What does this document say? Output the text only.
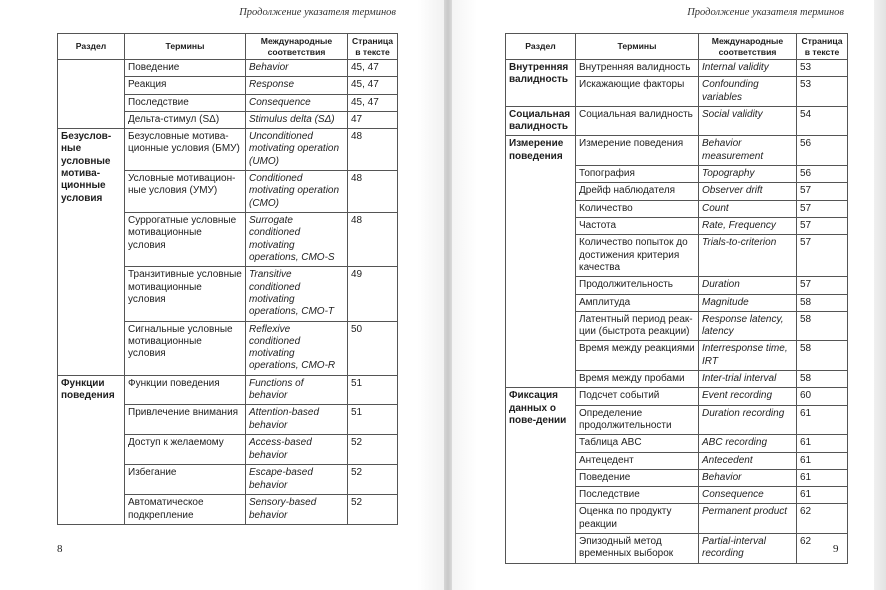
Продолжение указателя терминов
Раздел	Термины	Международные соответствия	Страница в тексте
	Поведение	Behavior	45, 47
	Реакция	Response	45, 47
	Последствие	Consequence	45, 47
	Дельта-стимул (SΔ)	Stimulus delta (SΔ)	47
Безуслов-ные условные мотива-ционные условия	Безусловные мотива-ционные условия (БМУ)	Unconditioned motivating operation (UMO)	48
	Условные мотивацион-ные условия (УМУ)	Conditioned motivating operation (CMO)	48
	Суррогатные условные мотивационные условия	Surrogate conditioned motivating operations, CMO-S	48
	Транзитивные условные мотивационные условия	Transitive conditioned motivating operations, CMO-T	49
	Сигнальные условные мотивационные условия	Reflexive conditioned motivating operations, CMO-R	50
Функции поведения	Функции поведения	Functions of behavior	51
	Привлечение внимания	Attention-based behavior	51
	Доступ к желаемому	Access-based behavior	52
	Избегание	Escape-based behavior	52
	Автоматическое подкрепление	Sensory-based behavior	52
8
Продолжение указателя терминов
Раздел	Термины	Международные соответствия	Страница в тексте
Внутренняя валидность	Внутренняя валидность	Internal validity	53
	Искажающие факторы	Confounding variables	53
Социальная валидность	Социальная валидность	Social validity	54
Измерение поведения	Измерение поведения	Behavior measurement	56
	Топография	Topography	56
	Дрейф наблюдателя	Observer drift	57
	Количество	Count	57
	Частота	Rate, Frequency	57
	Количество попыток до достижения критерия качества	Trials-to-criterion	57
	Продолжительность	Duration	57
	Амплитуда	Magnitude	58
	Латентный период реак-ции (быстрота реакции)	Response latency, latency	58
	Время между реакциями	Interresponse time, IRT	58
	Время между пробами	Inter-trial interval	58
Фиксация данных о пове-дении	Подсчет событий	Event recording	60
	Определение продолжительности	Duration recording	61
	Таблица ABC	ABC recording	61
	Антецедент	Antecedent	61
	Поведение	Behavior	61
	Последствие	Consequence	61
	Оценка по продукту реакции	Permanent product	62
	Эпизодный метод временных выборок	Partial-interval recording	62
9
